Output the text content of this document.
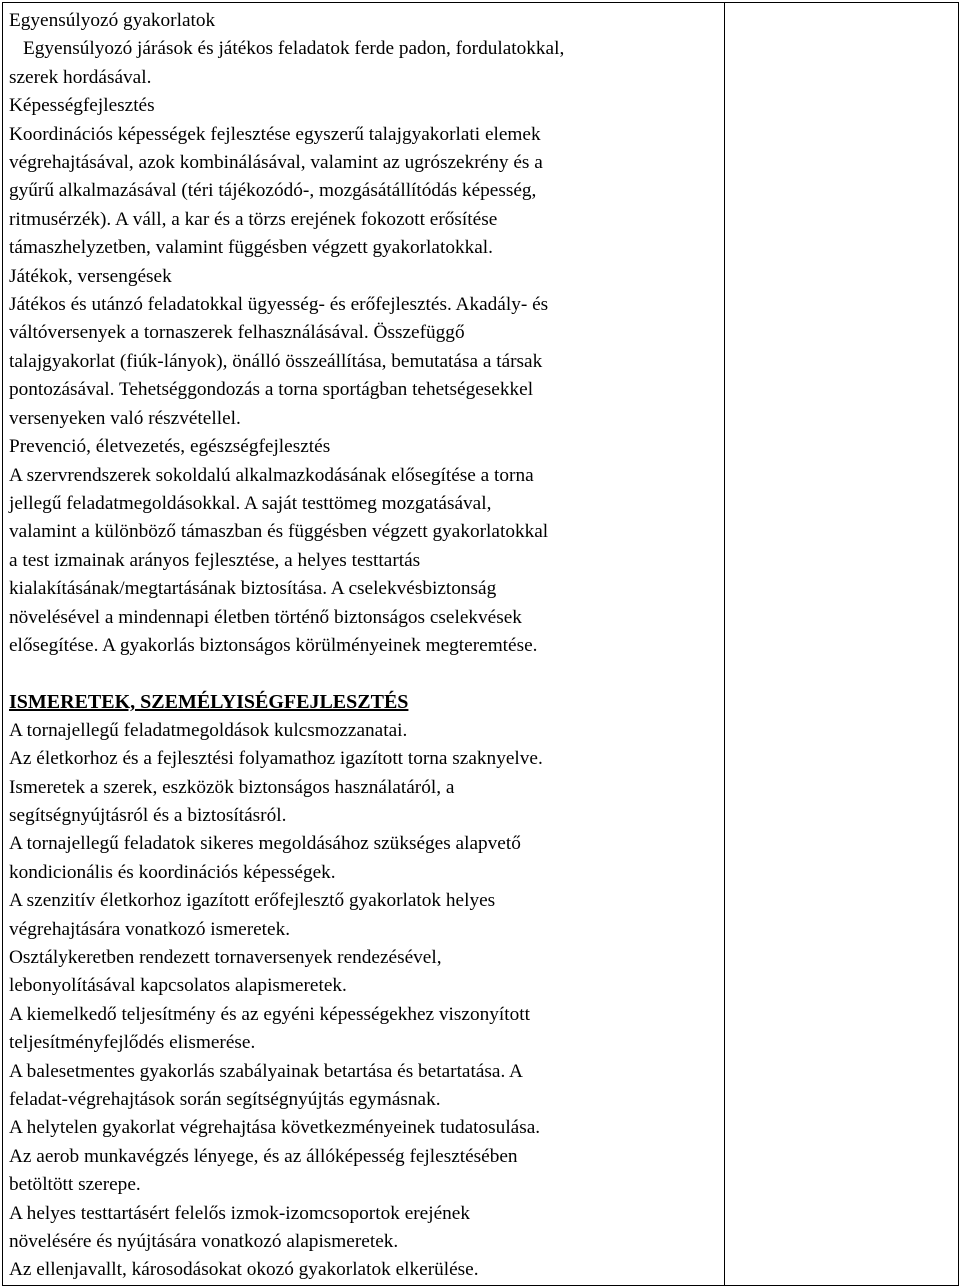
Egyensúlyozó gyakorlatok
Egyensúlyozó járások és játékos feladatok ferde padon, fordulatokkal,
szerek hordásával.
Képességfejlesztés
Koordinációs képességek fejlesztése egyszerű talajgyakorlati elemek
végrehajtásával, azok kombinálásával, valamint az ugrószekrény és a
gyűrű alkalmazásával (téri tájékozódó-, mozgásátállítódás képesség,
ritmusérzék). A váll, a kar és a törzs erejének fokozott erősítése
támaszhelyzetben, valamint függésben végzett gyakorlatokkal.
Játékok, versengések
Játékos és utánzó feladatokkal ügyesség- és erőfejlesztés. Akadály- és
váltóversenyek a tornaszerek felhasználásával. Összefüggő
talajgyakorlat (fiúk-lányok), önálló összeállítása, bemutatása a társak
pontozásával. Tehetséggondozás a torna sportágban tehetségesekkel
versenyeken való részvétellel.
Prevenció, életvezetés, egészségfejlesztés
A szervrendszerek sokoldalú alkalmazkodásának elősegítése a torna
jellegű feladatmegoldásokkal. A saját testtömeg mozgatásával,
valamint a különböző támaszban és függésben végzett gyakorlatokkal
a test izmainak arányos fejlesztése, a helyes testtartás
kialakításának/megtartásának biztosítása. A cselekvésbiztonság
növelésével a mindennapi életben történő biztonságos cselekvések
elősegítése. A gyakorlás biztonságos körülményeinek megteremtése.
ISMERETEK, SZEMÉLYISÉGFEJLESZTÉS
A tornajellegű feladatmegoldások kulcsmozzanatai.
Az életkorhoz és a fejlesztési folyamathoz igazított torna szaknyelve.
Ismeretek a szerek, eszközök biztonságos használatáról, a
segítségnyújtásról és a biztosításról.
A tornajellegű feladatok sikeres megoldásához szükséges alapvető
kondicionális és koordinációs képességek.
A szenzitív életkorhoz igazított erőfejlesztő gyakorlatok helyes
végrehajtására vonatkozó ismeretek.
Osztálykeretben rendezett tornaversenyek rendezésével,
lebonyolításával kapcsolatos alapismeretek.
A kiemelkedő teljesítmény és az egyéni képességekhez viszonyított
teljesítményfejlődés elismerése.
A balesetmentes gyakorlás szabályainak betartása és betartatása. A
feladat-végrehajtások során segítségnyújtás egymásnak.
A helytelen gyakorlat végrehajtása következményeinek tudatosulása.
Az aerob munkavégzés lényege, és az állóképesség fejlesztésében
betöltött szerepe.
A helyes testtartásért felelős izmok-izomcsoportok erejének
növelésére és nyújtására vonatkozó alapismeretek.
Az ellenjavallt, károsodásokat okozó gyakorlatok elkerülése.
